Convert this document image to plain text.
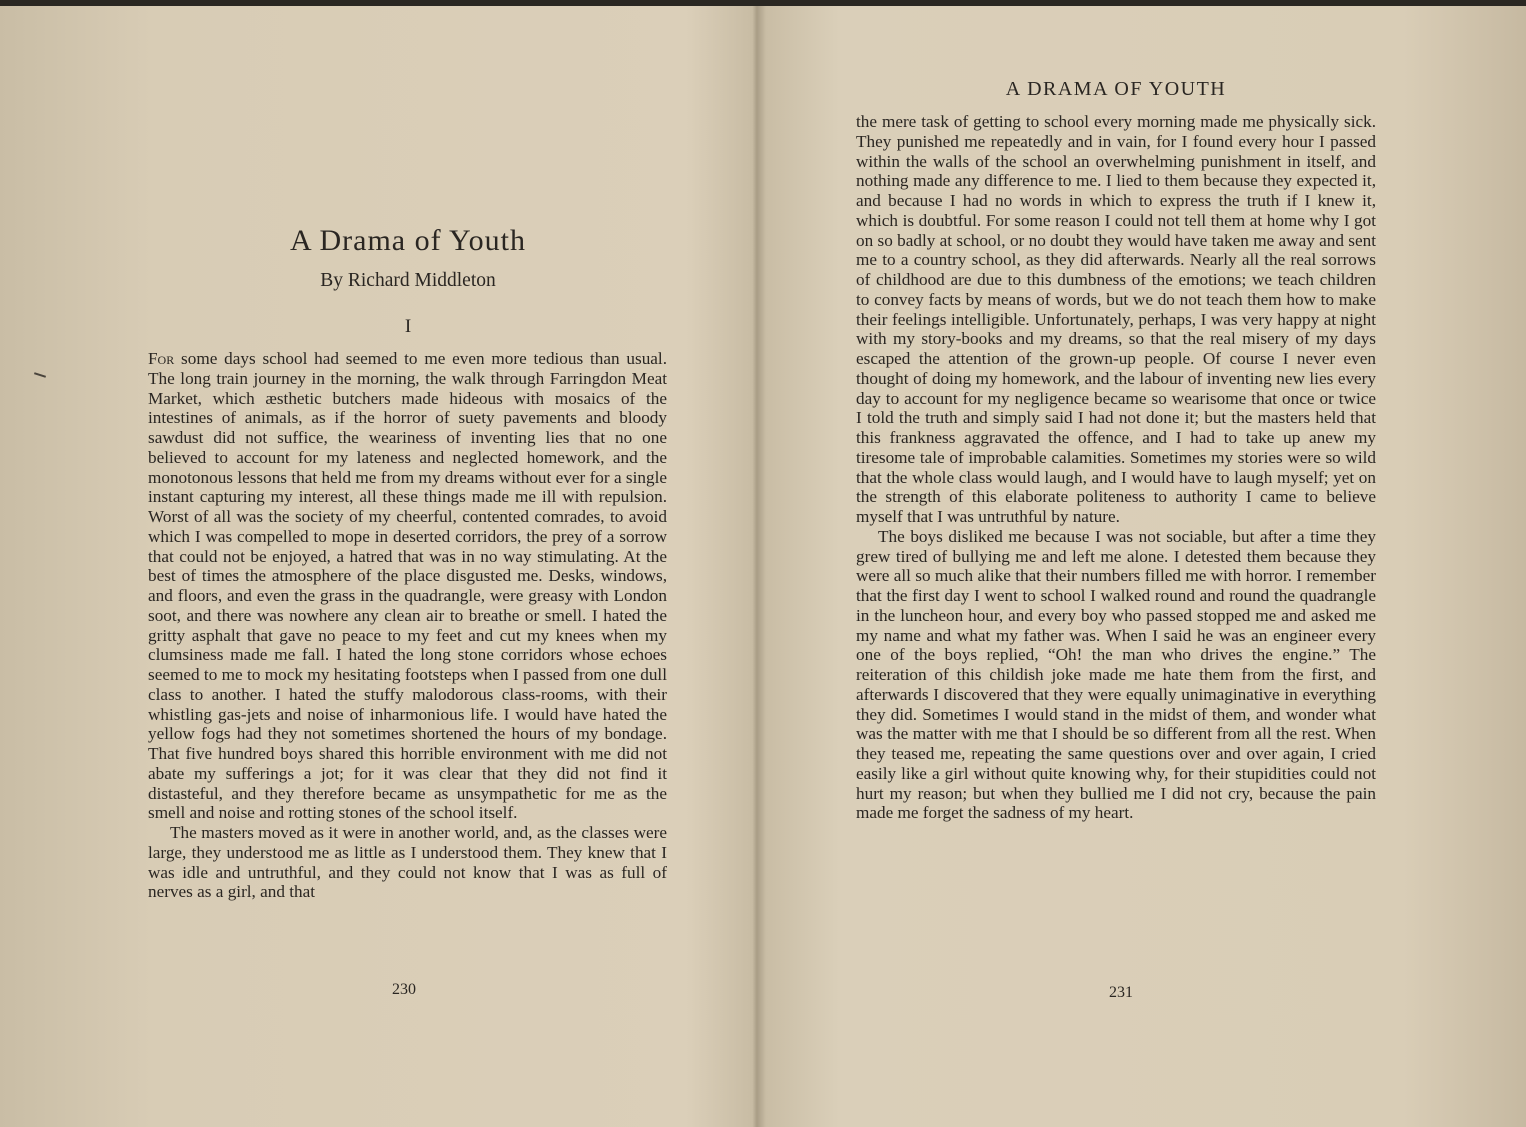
A Drama of Youth

By Richard Middleton

I

For some days school had seemed to me even more tedious than usual. The long train journey in the morning, the walk through Farringdon Meat Market, which æsthetic butchers made hideous with mosaics of the intestines of animals, as if the horror of suety pavements and bloody sawdust did not suffice, the weariness of inventing lies that no one believed to account for my lateness and neglected homework, and the monotonous lessons that held me from my dreams without ever for a single instant capturing my interest, all these things made me ill with repulsion. Worst of all was the society of my cheerful, contented comrades, to avoid which I was compelled to mope in deserted corridors, the prey of a sorrow that could not be enjoyed, a hatred that was in no way stimulating. At the best of times the atmosphere of the place disgusted me. Desks, windows, and floors, and even the grass in the quadrangle, were greasy with London soot, and there was nowhere any clean air to breathe or smell. I hated the gritty asphalt that gave no peace to my feet and cut my knees when my clumsiness made me fall. I hated the long stone corridors whose echoes seemed to me to mock my hesitating footsteps when I passed from one dull class to another. I hated the stuffy malodorous class-rooms, with their whistling gas-jets and noise of inharmonious life. I would have hated the yellow fogs had they not sometimes shortened the hours of my bondage. That five hundred boys shared this horrible environment with me did not abate my sufferings a jot; for it was clear that they did not find it distasteful, and they therefore became as unsympathetic for me as the smell and noise and rotting stones of the school itself.

The masters moved as it were in another world, and, as the classes were large, they understood me as little as I understood them. They knew that I was idle and untruthful, and they could not know that I was as full of nerves as a girl, and that

230

A DRAMA OF YOUTH

the mere task of getting to school every morning made me physically sick. They punished me repeatedly and in vain, for I found every hour I passed within the walls of the school an overwhelming punishment in itself, and nothing made any difference to me. I lied to them because they expected it, and because I had no words in which to express the truth if I knew it, which is doubtful. For some reason I could not tell them at home why I got on so badly at school, or no doubt they would have taken me away and sent me to a country school, as they did afterwards. Nearly all the real sorrows of childhood are due to this dumbness of the emotions; we teach children to convey facts by means of words, but we do not teach them how to make their feelings intelligible. Unfortunately, perhaps, I was very happy at night with my story-books and my dreams, so that the real misery of my days escaped the attention of the grown-up people. Of course I never even thought of doing my homework, and the labour of inventing new lies every day to account for my negligence became so wearisome that once or twice I told the truth and simply said I had not done it; but the masters held that this frankness aggravated the offence, and I had to take up anew my tiresome tale of improbable calamities. Sometimes my stories were so wild that the whole class would laugh, and I would have to laugh myself; yet on the strength of this elaborate politeness to authority I came to believe myself that I was untruthful by nature.

The boys disliked me because I was not sociable, but after a time they grew tired of bullying me and left me alone. I detested them because they were all so much alike that their numbers filled me with horror. I remember that the first day I went to school I walked round and round the quadrangle in the luncheon hour, and every boy who passed stopped me and asked me my name and what my father was. When I said he was an engineer every one of the boys replied, “Oh! the man who drives the engine.” The reiteration of this childish joke made me hate them from the first, and afterwards I discovered that they were equally unimaginative in everything they did. Sometimes I would stand in the midst of them, and wonder what was the matter with me that I should be so different from all the rest. When they teased me, repeating the same questions over and over again, I cried easily like a girl without quite knowing why, for their stupidities could not hurt my reason; but when they bullied me I did not cry, because the pain made me forget the sadness of my heart.

231
